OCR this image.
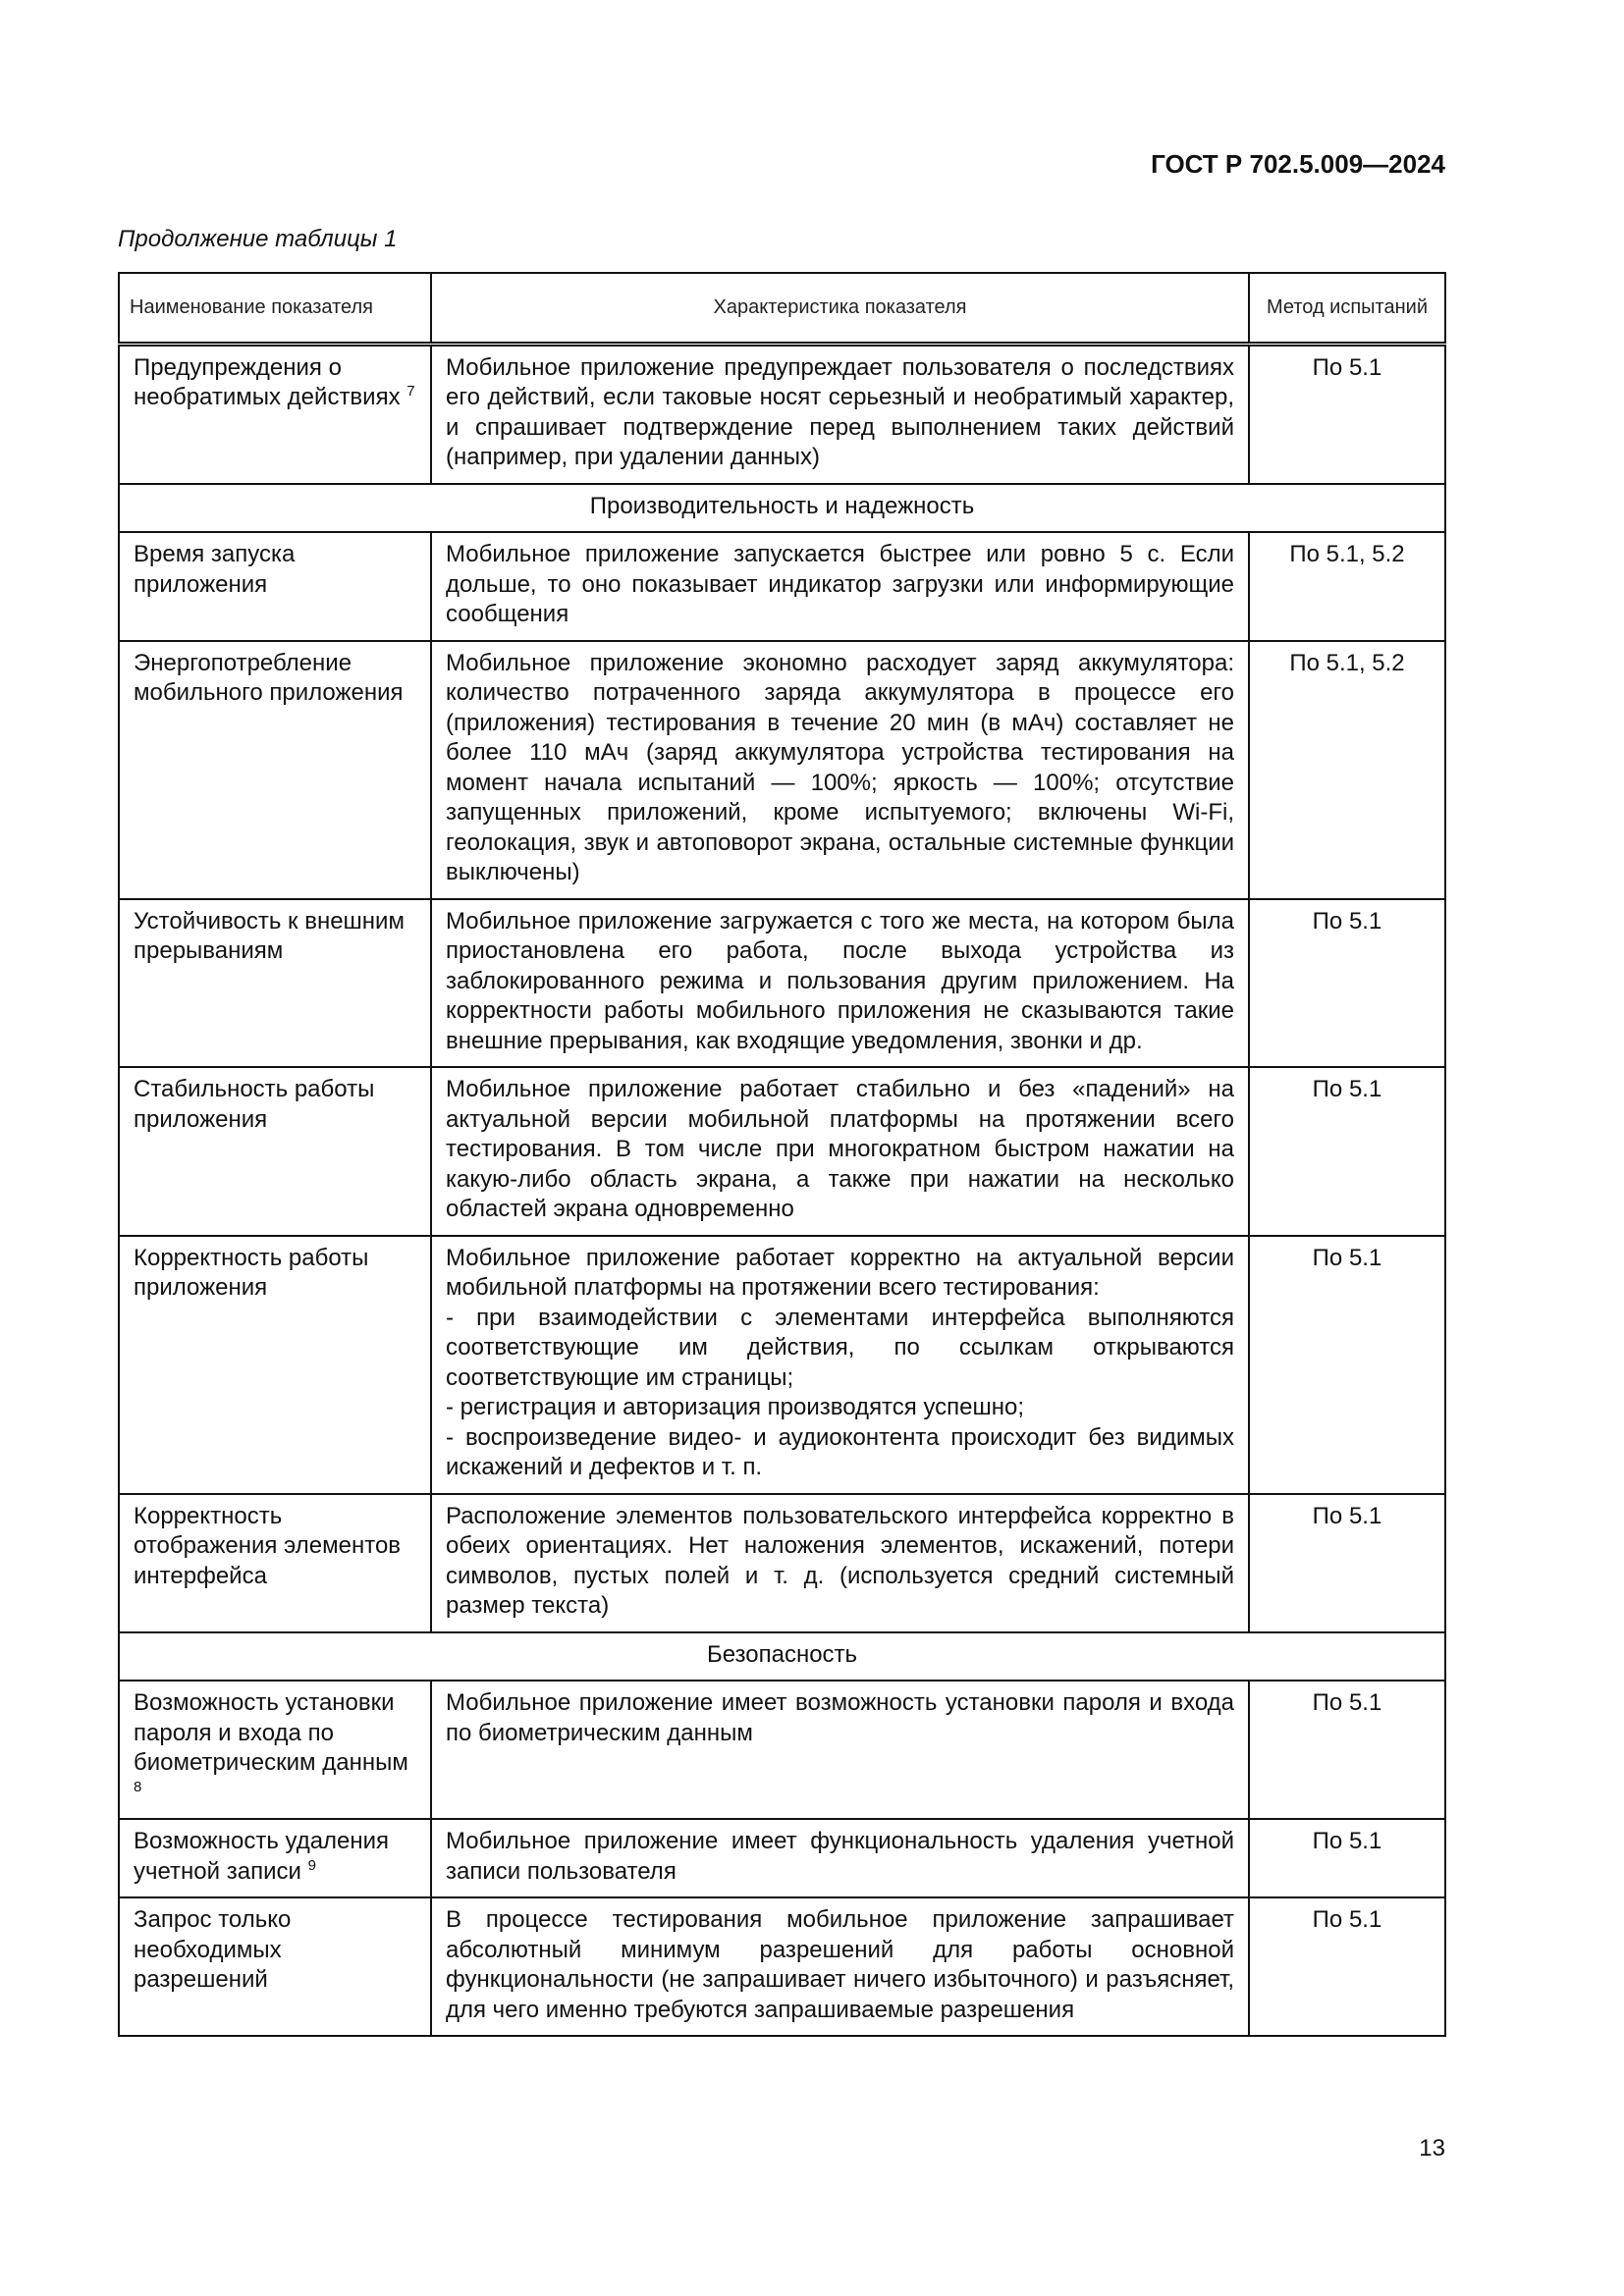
ГОСТ Р 702.5.009—2024
Продолжение таблицы 1
Наименование показателя	Характеристика показателя	Метод испытаний
Предупреждения о необратимых действиях $^7$	Мобильное приложение предупреждает пользователя о последствиях его действий, если таковые носят серьезный и необратимый характер, и спрашивает подтверждение перед выполнением таких действий (например, при удалении данных)	По 5.1
Производительность и надежность		
Время запуска приложения	Мобильное приложение запускается быстрее или ровно 5 с. Если дольше, то оно показывает индикатор загрузки или информирующие сообщения	По 5.1, 5.2
Энергопотребление мобильного приложения	Мобильное приложение экономно расходует заряд аккумулятора: количество потраченного заряда аккумулятора в процессе его (приложения) тестирования в течение 20 мин (в мАч) составляет не более 110 мАч (заряд аккумулятора устройства тестирования на момент начала испытаний — 100%; яркость — 100%; отсутствие запущенных приложений, кроме испытуемого; включены Wi-Fi, геолокация, звук и автоповорот экрана, остальные системные функции выключены)	По 5.1, 5.2
Устойчивость к внешним прерываниям	Мобильное приложение загружается с того же места, на котором была приостановлена его работа, после выхода устройства из заблокированного режима и пользования другим приложением. На корректности работы мобильного приложения не сказываются такие внешние прерывания, как входящие уведомления, звонки и др.	По 5.1
Стабильность работы приложения	Мобильное приложение работает стабильно и без «падений» на актуальной версии мобильной платформы на протяжении всего тестирования. В том числе при многократном быстром нажатии на какую-либо область экрана, а также при нажатии на несколько областей экрана одновременно	По 5.1
Корректность работы приложения	Мобильное приложение работает корректно на актуальной версии мобильной платформы на протяжении всего тестирования:
- при взаимодействии с элементами интерфейса выполняются соответствующие им действия, по ссылкам открываются соответствующие им страницы;
- регистрация и авторизация производятся успешно;
- воспроизведение видео- и аудиоконтента происходит без видимых искажений и дефектов и т. п.	По 5.1
Корректность отображения элементов интерфейса	Расположение элементов пользовательского интерфейса корректно в обеих ориентациях. Нет наложения элементов, искажений, потери символов, пустых полей и т. д. (используется средний системный размер текста)	По 5.1
Безопасность		
Возможность установки пароля и входа по биометрическим данным $^8$	Мобильное приложение имеет возможность установки пароля и входа по биометрическим данным	По 5.1
Возможность удаления учетной записи $^9$	Мобильное приложение имеет функциональность удаления учетной записи пользователя	По 5.1
Запрос только необходимых разрешений	В процессе тестирования мобильное приложение запрашивает абсолютный минимум разрешений для работы основной функциональности (не запрашивает ничего избыточного) и разъясняет, для чего именно требуются запрашиваемые разрешения	По 5.1
13
